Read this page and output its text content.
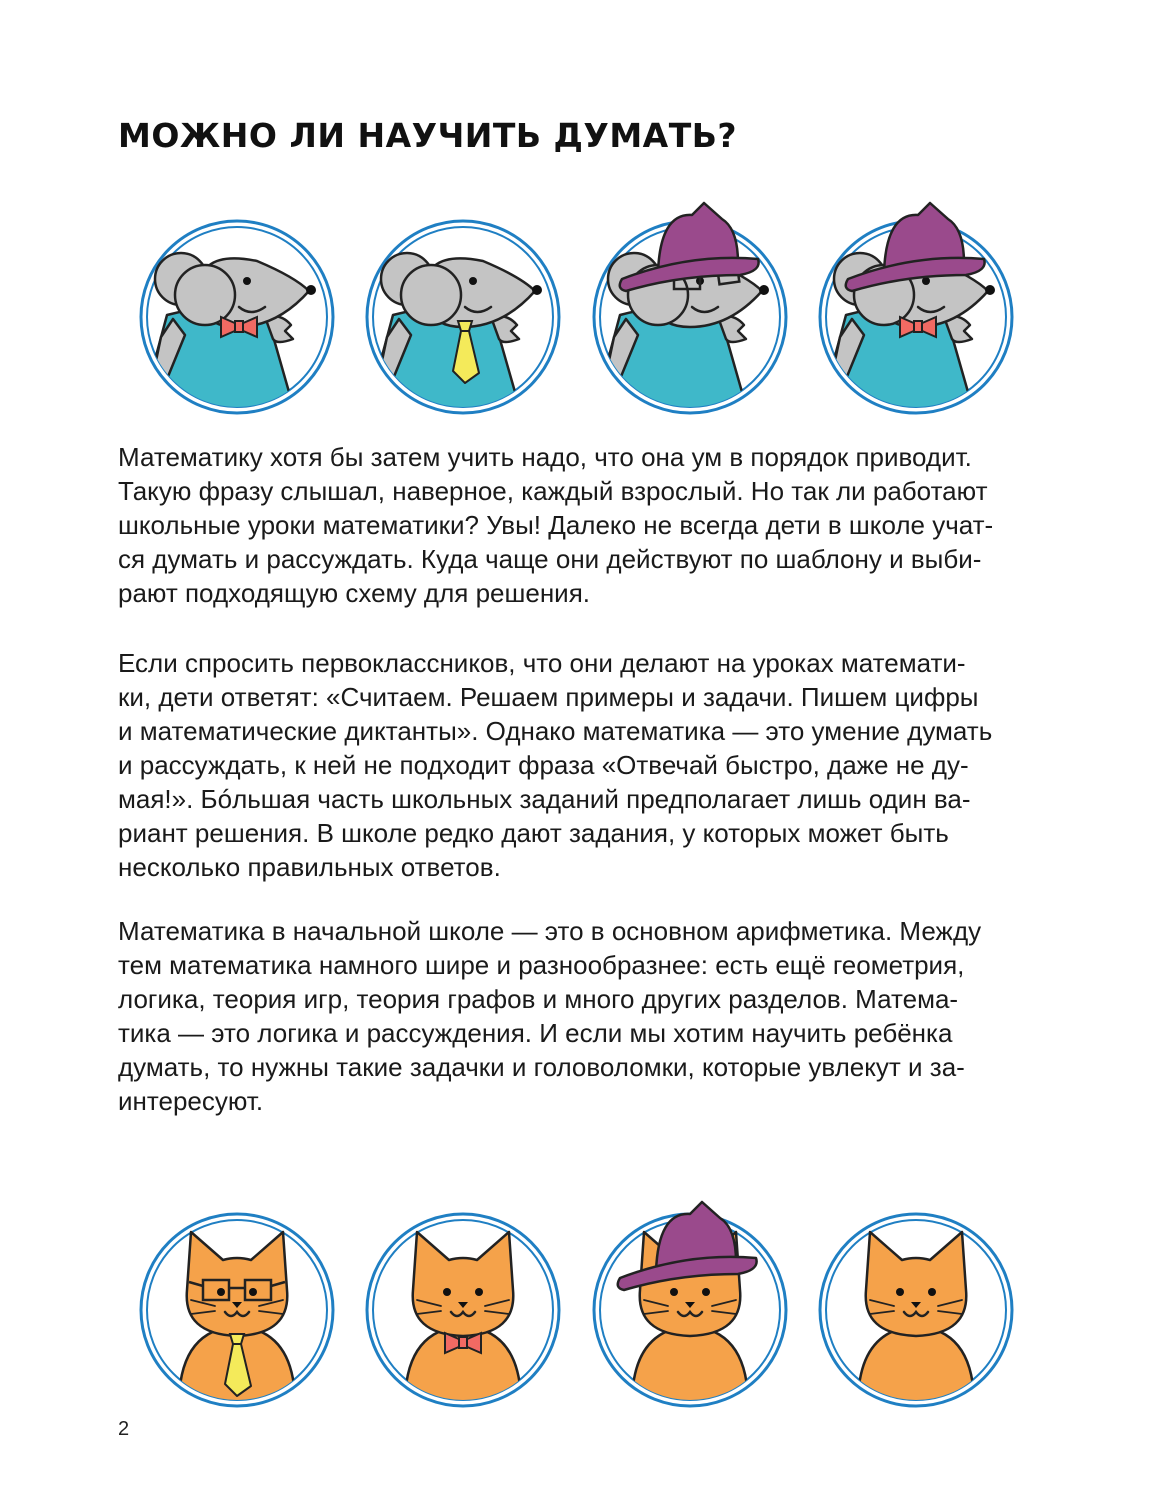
МОЖНО ЛИ НАУЧИТЬ ДУМАТЬ?
Математику хотя бы затем учить надо, что она ум в порядок приводит.
Такую фразу слышал, наверное, каждый взрослый. Но так ли работают
школьные уроки математики? Увы! Далеко не всегда дети в школе учат-
ся думать и рассуждать. Куда чаще они действуют по шаблону и выби-
рают подходящую схему для решения.
Если спросить первоклассников, что они делают на уроках математи-
ки, дети ответят: «Считаем. Решаем примеры и задачи. Пишем цифры
и математические диктанты». Однако математика — это умение думать
и рассуждать, к ней не подходит фраза «Отвечай быстро, даже не ду-
мая!». Бóльшая часть школьных заданий предполагает лишь один ва-
риант решения. В школе редко дают задания, у которых может быть
несколько правильных ответов.
Математика в начальной школе — это в основном арифметика. Между
тем математика намного шире и разнообразнее: есть ещё геометрия,
логика, теория игр, теория графов и много других разделов. Матема-
тика — это логика и рассуждения. И если мы хотим научить ребёнка
думать, то нужны такие задачки и головоломки, которые увлекут и за-
интересуют.
2
